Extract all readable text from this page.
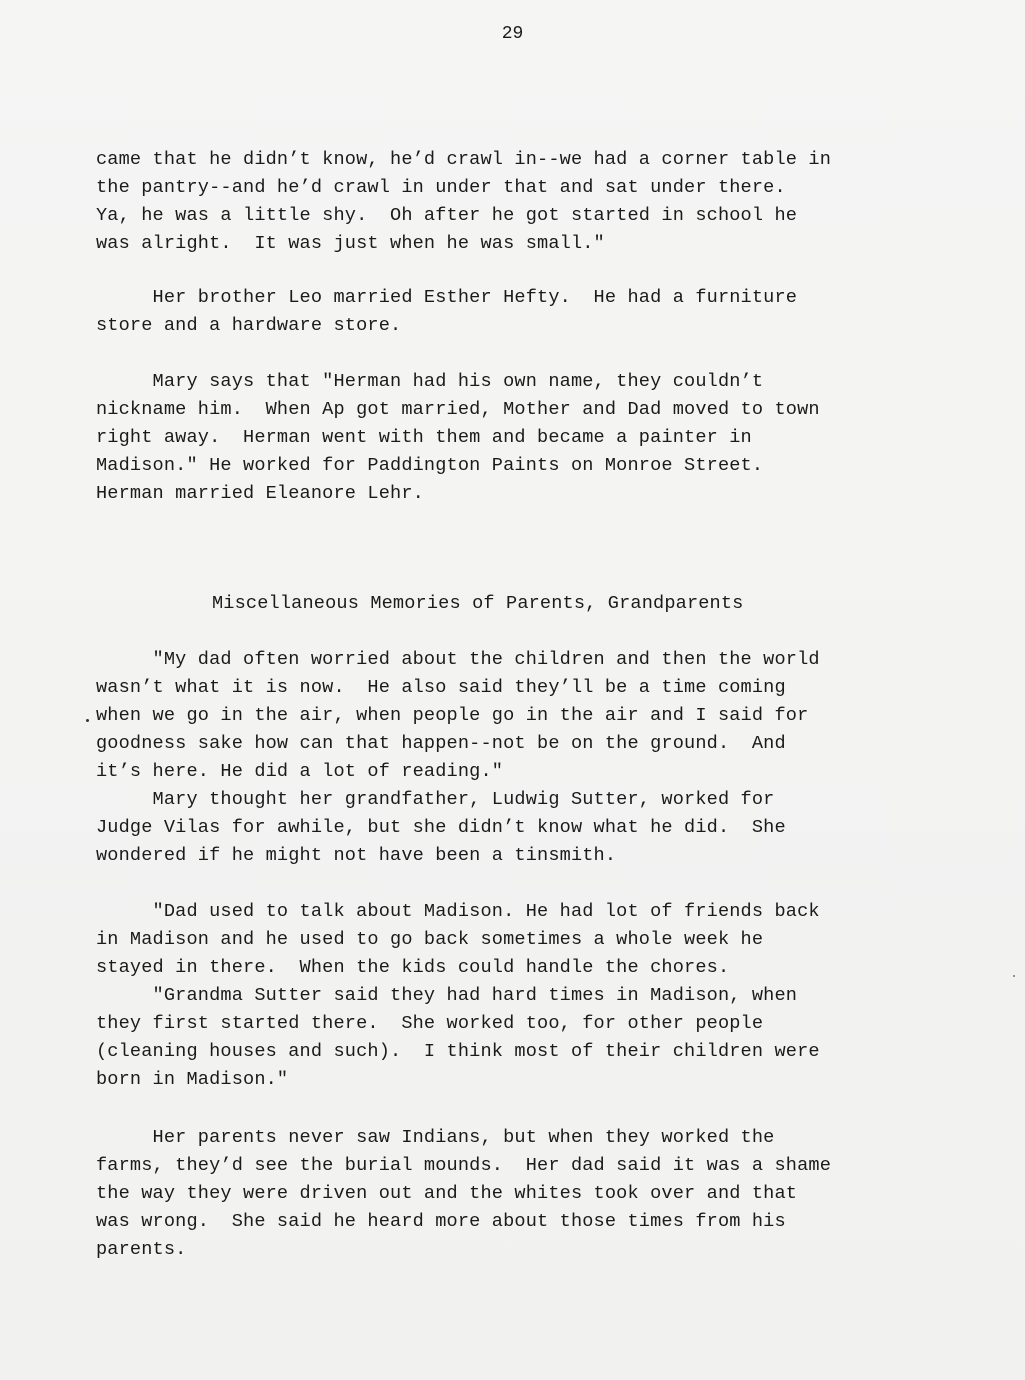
29
came that he didn’t know, he’d crawl in--we had a corner table in
the pantry--and he’d crawl in under that and sat under there.
Ya, he was a little shy.  Oh after he got started in school he
was alright.  It was just when he was small."
Her brother Leo married Esther Hefty.  He had a furniture
store and a hardware store.
Mary says that "Herman had his own name, they couldn’t
nickname him.  When Ap got married, Mother and Dad moved to town
right away.  Herman went with them and became a painter in
Madison." He worked for Paddington Paints on Monroe Street.
Herman married Eleanore Lehr.
Miscellaneous Memories of Parents, Grandparents
"My dad often worried about the children and then the world
wasn’t what it is now.  He also said they’ll be a time coming
when we go in the air, when people go in the air and I said for
goodness sake how can that happen--not be on the ground.  And
it’s here. He did a lot of reading."
Mary thought her grandfather, Ludwig Sutter, worked for
Judge Vilas for awhile, but she didn’t know what he did.  She
wondered if he might not have been a tinsmith.
"Dad used to talk about Madison. He had lot of friends back
in Madison and he used to go back sometimes a whole week he
stayed in there.  When the kids could handle the chores.
"Grandma Sutter said they had hard times in Madison, when
they first started there.  She worked too, for other people
(cleaning houses and such).  I think most of their children were
born in Madison."
Her parents never saw Indians, but when they worked the
farms, they’d see the burial mounds.  Her dad said it was a shame
the way they were driven out and the whites took over and that
was wrong.  She said he heard more about those times from his
parents.
